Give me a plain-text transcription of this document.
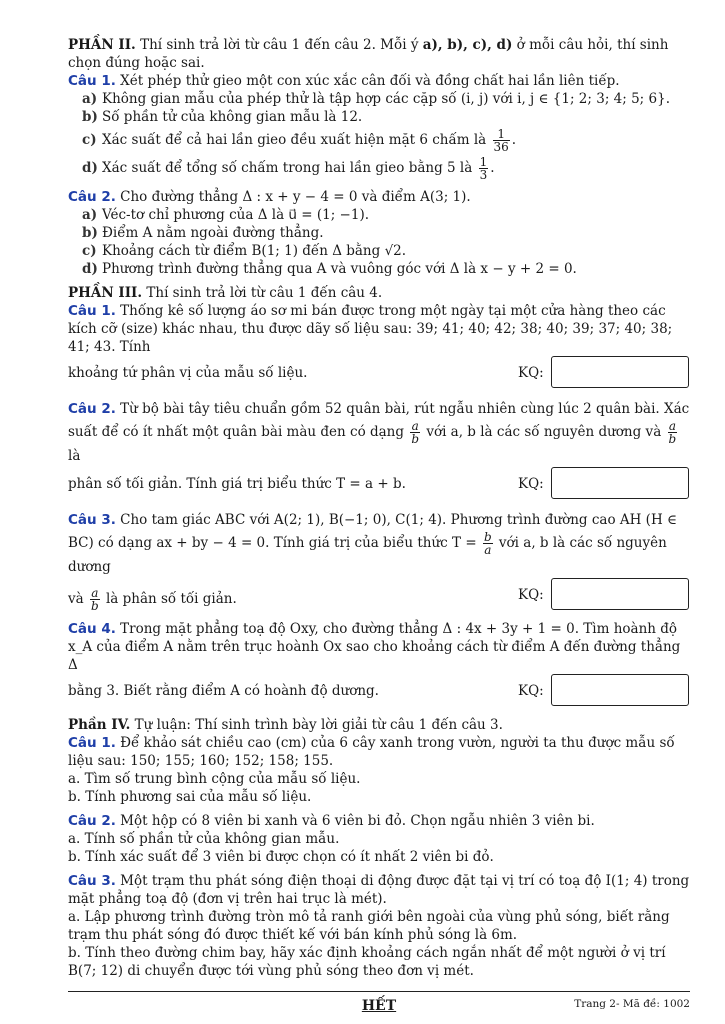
PHẦN II. Thí sinh trả lời từ câu 1 đến câu 2. Mỗi ý a), b), c), d) ở mỗi câu hỏi, thí sinh
chọn đúng hoặc sai.
Câu 1. Xét phép thử gieo một con xúc xắc cân đối và đồng chất hai lần liên tiếp.
a) Không gian mẫu của phép thử là tập hợp các cặp số (i, j) với i, j ∈ {1; 2; 3; 4; 5; 6}.
b) Số phần tử của không gian mẫu là 12.
c) Xác suất để cả hai lần gieo đều xuất hiện mặt 6 chấm là $\frac{1}{36}$ .
d) Xác suất để tổng số chấm trong hai lần gieo bằng 5 là $\frac{1}{3}$ .
Câu 2. Cho đường thẳng Δ : x + y − 4 = 0 và điểm A(3; 1).
a) Véc-tơ chỉ phương của Δ là u⃗ = (1; −1).
b) Điểm A nằm ngoài đường thẳng.
c) Khoảng cách từ điểm B(1; 1) đến Δ bằng √2.
d) Phương trình đường thẳng qua A và vuông góc với Δ là x − y + 2 = 0.
PHẦN III. Thí sinh trả lời từ câu 1 đến câu 4.
Câu 1. Thống kê số lượng áo sơ mi bán được trong một ngày tại một cửa hàng theo các kích cỡ (size) khác nhau, thu được dãy số liệu sau: 39; 41; 40; 42; 38; 40; 39; 37; 40; 38; 41; 43. Tính
khoảng tứ phân vị của mẫu số liệu.	KQ:
Câu 2. Từ bộ bài tây tiêu chuẩn gồm 52 quân bài, rút ngẫu nhiên cùng lúc 2 quân bài. Xác suất để có ít nhất một quân bài màu đen có dạng $\frac{a}{b}$ với a, b là các số nguyên dương và $\frac{a}{b}$
là
phân số tối giản. Tính giá trị biểu thức T = a + b.	KQ:
Câu 3. Cho tam giác ABC với A(2; 1), B(−1; 0), C(1; 4). Phương trình đường cao AH (H ∈ BC) có dạng ax + by − 4 = 0. Tính giá trị của biểu thức $T = \frac{b}{a}$ với a, b là các số nguyên dương
và $\frac{a}{b}$ là phân số tối giản.	KQ:
Câu 4. Trong mặt phẳng toạ độ Oxy, cho đường thẳng Δ : 4x + 3y + 1 = 0. Tìm hoành độ x_A của điểm A nằm trên trục hoành Ox sao cho khoảng cách từ điểm A đến đường thẳng Δ
bằng 3. Biết rằng điểm A có hoành độ dương.	KQ:
Phần IV. Tự luận: Thí sinh trình bày lời giải từ câu 1 đến câu 3.
Câu 1. Để khảo sát chiều cao (cm) của 6 cây xanh trong vườn, người ta thu được mẫu số liệu sau: 150; 155; 160; 152; 158; 155.
a. Tìm số trung bình cộng của mẫu số liệu.
b. Tính phương sai của mẫu số liệu.
Câu 2. Một hộp có 8 viên bi xanh và 6 viên bi đỏ. Chọn ngẫu nhiên 3 viên bi.
a. Tính số phần tử của không gian mẫu.
b. Tính xác suất để 3 viên bi được chọn có ít nhất 2 viên bi đỏ.
Câu 3. Một trạm thu phát sóng điện thoại di động được đặt tại vị trí có toạ độ I(1; 4) trong mặt phẳng toạ độ (đơn vị trên hai trục là mét).
a. Lập phương trình đường tròn mô tả ranh giới bên ngoài của vùng phủ sóng, biết rằng trạm thu phát sóng đó được thiết kế với bán kính phủ sóng là 6m.
b. Tính theo đường chim bay, hãy xác định khoảng cách ngắn nhất để một người ở vị trí B(7; 12) di chuyển được tới vùng phủ sóng theo đơn vị mét.
HẾT	Trang 2- Mã đề: 1002
